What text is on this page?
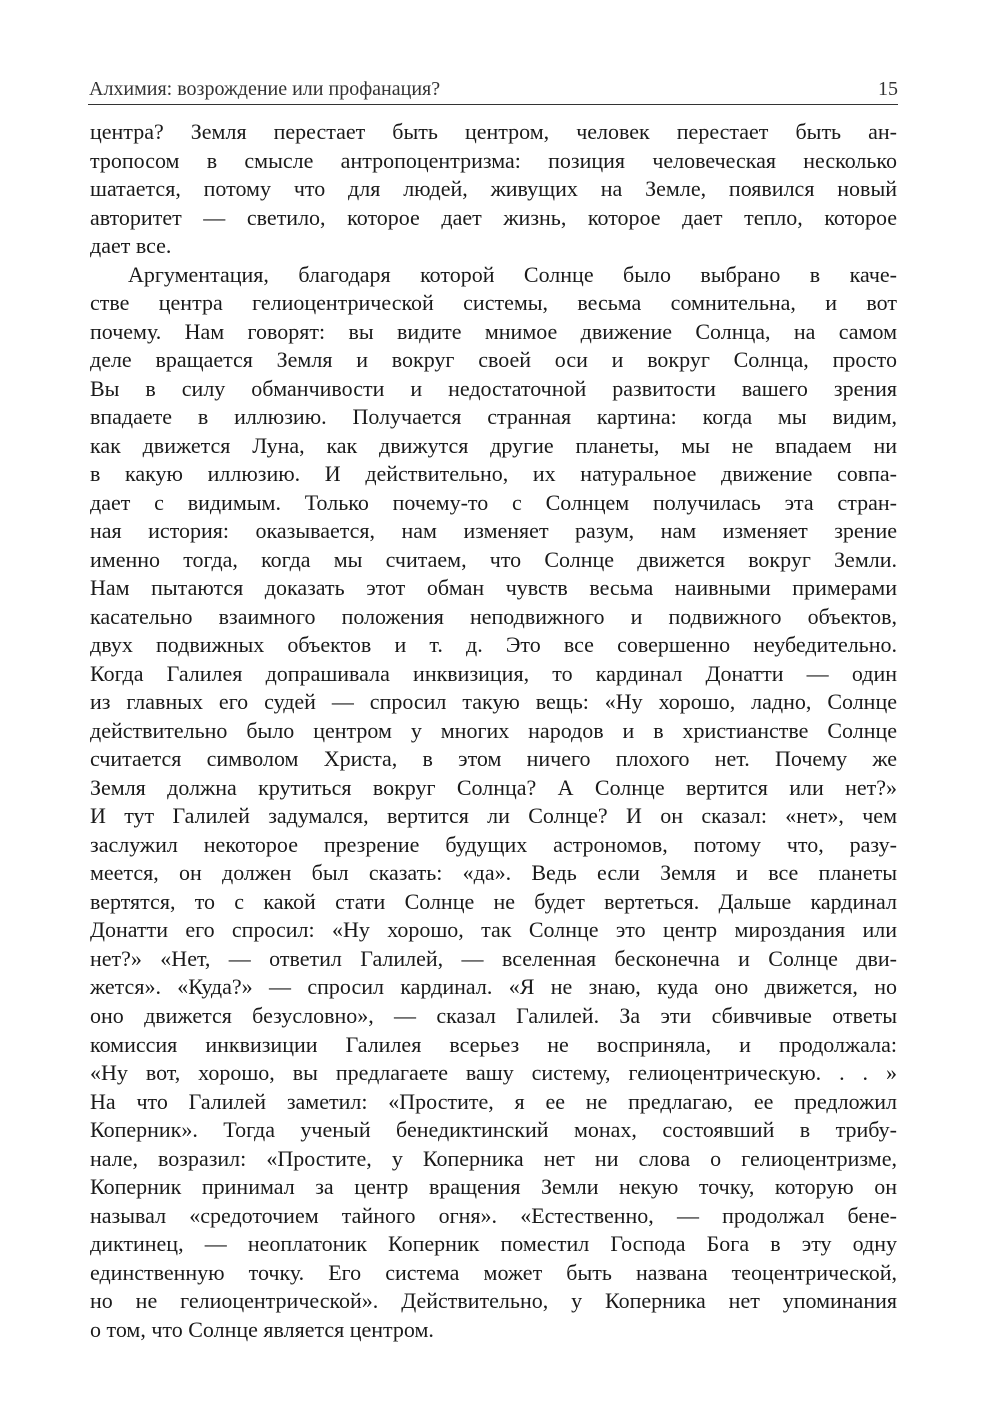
Алхимия: возрождение или профанация?	15
центра? Земля перестает быть центром, человек перестает быть ан-
тропосом в смысле антропоцентризма: позиция человеческая несколько
шатается, потому что для людей, живущих на Земле, появился новый
авторитет — светило, которое дает жизнь, которое дает тепло, которое
дает все.
Аргументация, благодаря которой Солнце было выбрано в каче-
стве центра гелиоцентрической системы, весьма сомнительна, и вот
почему. Нам говорят: вы видите мнимое движение Солнца, на самом
деле вращается Земля и вокруг своей оси и вокруг Солнца, просто
Вы в силу обманчивости и недостаточной развитости вашего зрения
впадаете в иллюзию. Получается странная картина: когда мы видим,
как движется Луна, как движутся другие планеты, мы не впадаем ни
в какую иллюзию. И действительно, их натуральное движение совпа-
дает с видимым. Только почему-то с Солнцем получилась эта стран-
ная история: оказывается, нам изменяет разум, нам изменяет зрение
именно тогда, когда мы считаем, что Солнце движется вокруг Земли.
Нам пытаются доказать этот обман чувств весьма наивными примерами
касательно взаимного положения неподвижного и подвижного объектов,
двух подвижных объектов и т. д. Это все совершенно неубедительно.
Когда Галилея допрашивала инквизиция, то кардинал Донатти — один
из главных его судей — спросил такую вещь: «Ну хорошо, ладно, Солнце
действительно было центром у многих народов и в христианстве Солнце
считается символом Христа, в этом ничего плохого нет. Почему же
Земля должна крутиться вокруг Солнца? А Солнце вертится или нет?»
И тут Галилей задумался, вертится ли Солнце? И он сказал: «нет», чем
заслужил некоторое презрение будущих астрономов, потому что, разу-
меется, он должен был сказать: «да». Ведь если Земля и все планеты
вертятся, то с какой стати Солнце не будет вертеться. Дальше кардинал
Донатти его спросил: «Ну хорошо, так Солнце это центр мироздания или
нет?» «Нет, — ответил Галилей, — вселенная бесконечна и Солнце дви-
жется». «Куда?» — спросил кардинал. «Я не знаю, куда оно движется, но
оно движется безусловно», — сказал Галилей. За эти сбивчивые ответы
комиссия инквизиции Галилея всерьез не восприняла, и продолжала:
«Ну вот, хорошо, вы предлагаете вашу систему, гелиоцентрическую. . . »
На что Галилей заметил: «Простите, я ее не предлагаю, ее предложил
Коперник». Тогда ученый бенедиктинский монах, состоявший в трибу-
нале, возразил: «Простите, у Коперника нет ни слова о гелиоцентризме,
Коперник принимал за центр вращения Земли некую точку, которую он
называл «средоточием тайного огня». «Естественно, — продолжал бене-
диктинец, — неоплатоник Коперник поместил Господа Бога в эту одну
единственную точку. Его система может быть названа теоцентрической,
но не гелиоцентрической». Действительно, у Коперника нет упоминания
о том, что Солнце является центром.
